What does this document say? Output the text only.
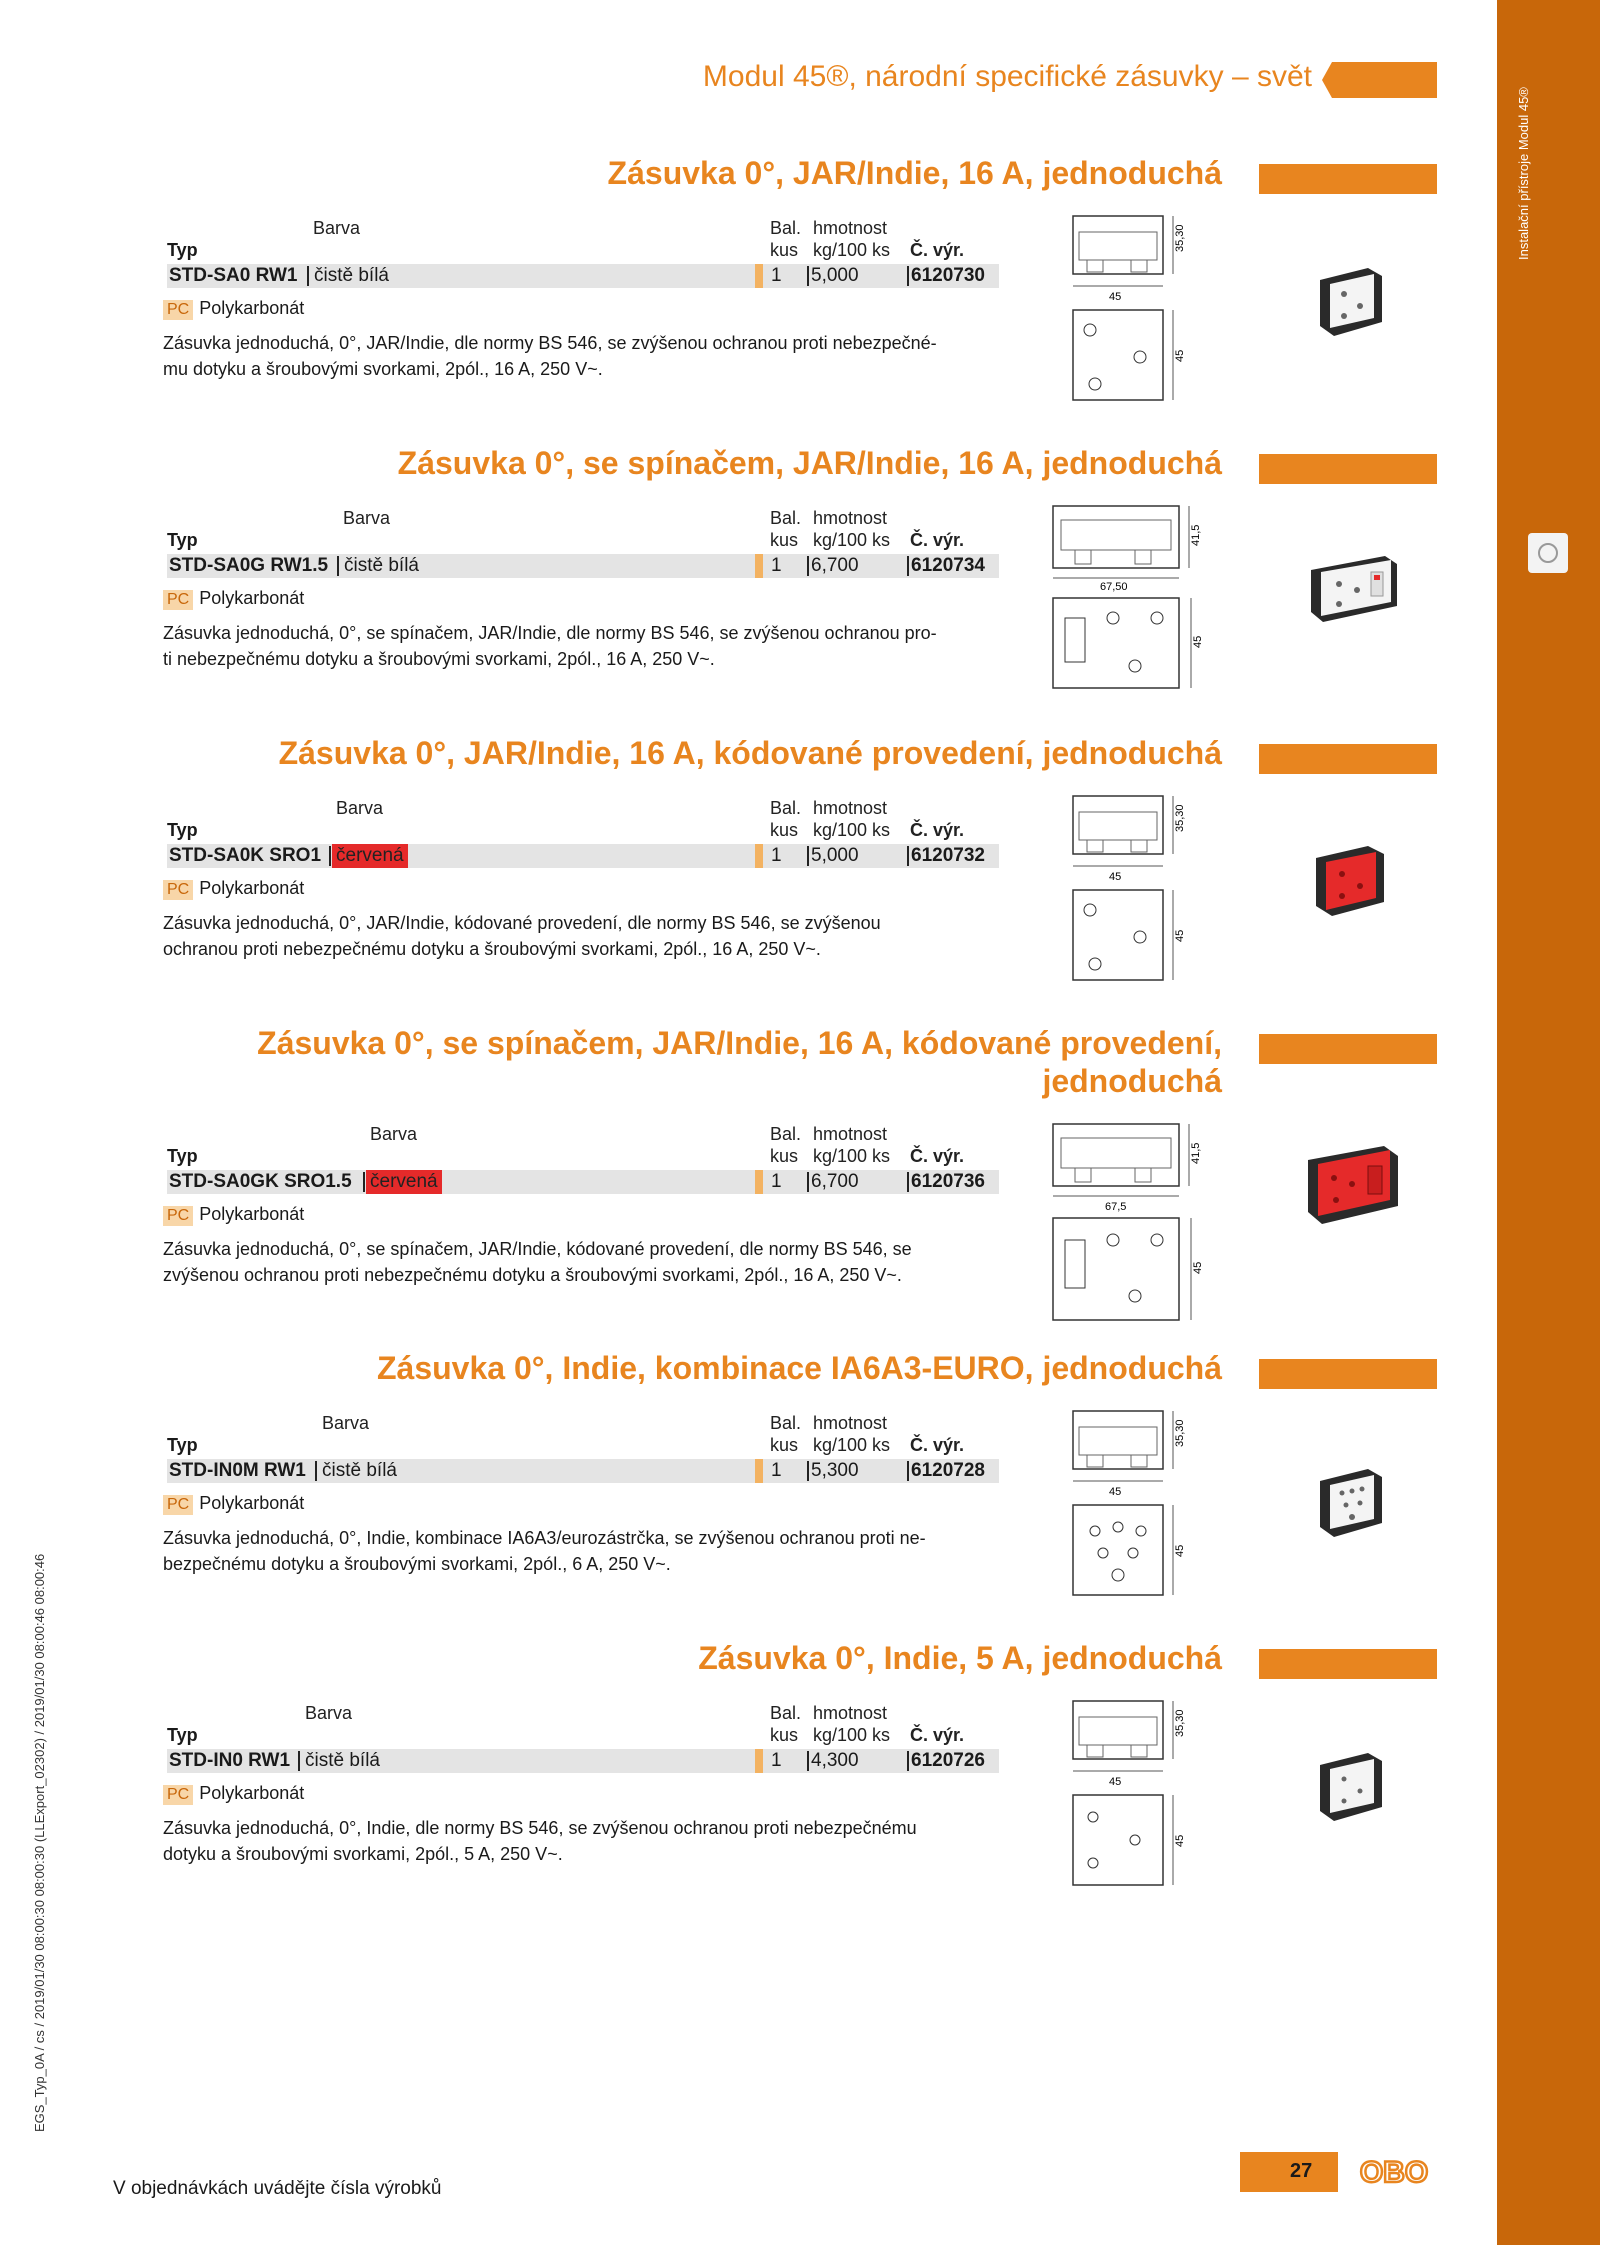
Instalační přístroje Modul 45®
Modul 45®, národní specifické zásuvky – svět
Zásuvka 0°, JAR/Indie, 16 A, jednoduchá
Barva	Bal. hmotnost
Typ	kus kg/100 ks Č. výr.
STD-SA0 RW1 čistě bílá	1 5,000	6120730
PC Polykarbonát
Zásuvka jednoduchá, 0°, JAR/Indie, dle normy BS 546, se zvýšenou ochranou proti nebezpečné-
mu dotyku a šroubovými svorkami, 2pól., 16 A, 250 V~.
35,30
45
45
Zásuvka 0°, se spínačem, JAR/Indie, 16 A, jednoduchá
Barva	Bal. hmotnost
Typ	kus kg/100 ks Č. výr.
STD-SA0G RW1.5 čistě bílá	1 6,700	6120734
PC Polykarbonát
Zásuvka jednoduchá, 0°, se spínačem, JAR/Indie, dle normy BS 546, se zvýšenou ochranou pro-
ti nebezpečnému dotyku a šroubovými svorkami, 2pól., 16 A, 250 V~.
41,5
67,50
45
Zásuvka 0°, JAR/Indie, 16 A, kódované provedení, jednoduchá
Barva	Bal. hmotnost
Typ	kus kg/100 ks Č. výr.
STD-SA0K SRO1 červená	1 5,000	6120732
PC Polykarbonát
Zásuvka jednoduchá, 0°, JAR/Indie, kódované provedení, dle normy BS 546, se zvýšenou
ochranou proti nebezpečnému dotyku a šroubovými svorkami, 2pól., 16 A, 250 V~.
35,30
45
45
Zásuvka 0°, se spínačem, JAR/Indie, 16 A, kódované provedení,
jednoduchá
Barva	Bal. hmotnost
Typ	kus kg/100 ks Č. výr.
STD-SA0GK SRO1.5 červená	1 6,700	6120736
PC Polykarbonát
Zásuvka jednoduchá, 0°, se spínačem, JAR/Indie, kódované provedení, dle normy BS 546, se
zvýšenou ochranou proti nebezpečnému dotyku a šroubovými svorkami, 2pól., 16 A, 250 V~.
41,5
67,5
45
Zásuvka 0°, Indie, kombinace IA6A3-EURO, jednoduchá
Barva	Bal. hmotnost
Typ	kus kg/100 ks Č. výr.
STD-IN0M RW1 čistě bílá	1 5,300	6120728
PC Polykarbonát
Zásuvka jednoduchá, 0°, Indie, kombinace IA6A3/eurozástrčka, se zvýšenou ochranou proti ne-
bezpečnému dotyku a šroubovými svorkami, 2pól., 6 A, 250 V~.
35,30
45
45
Zásuvka 0°, Indie, 5 A, jednoduchá
Barva	Bal. hmotnost
Typ	kus kg/100 ks Č. výr.
STD-IN0 RW1 čistě bílá	1 4,300	6120726
PC Polykarbonát
Zásuvka jednoduchá, 0°, Indie, dle normy BS 546, se zvýšenou ochranou proti nebezpečnému
dotyku a šroubovými svorkami, 2pól., 5 A, 250 V~.
35,30
45
45
EGS_Typ_0A / cs / 2019/01/30 08:00:30 08:00:30 (LLExport_02302) / 2019/01/30 08:00:46 08:00:46
V objednávkách uvádějte čísla výrobků
27 OBO
